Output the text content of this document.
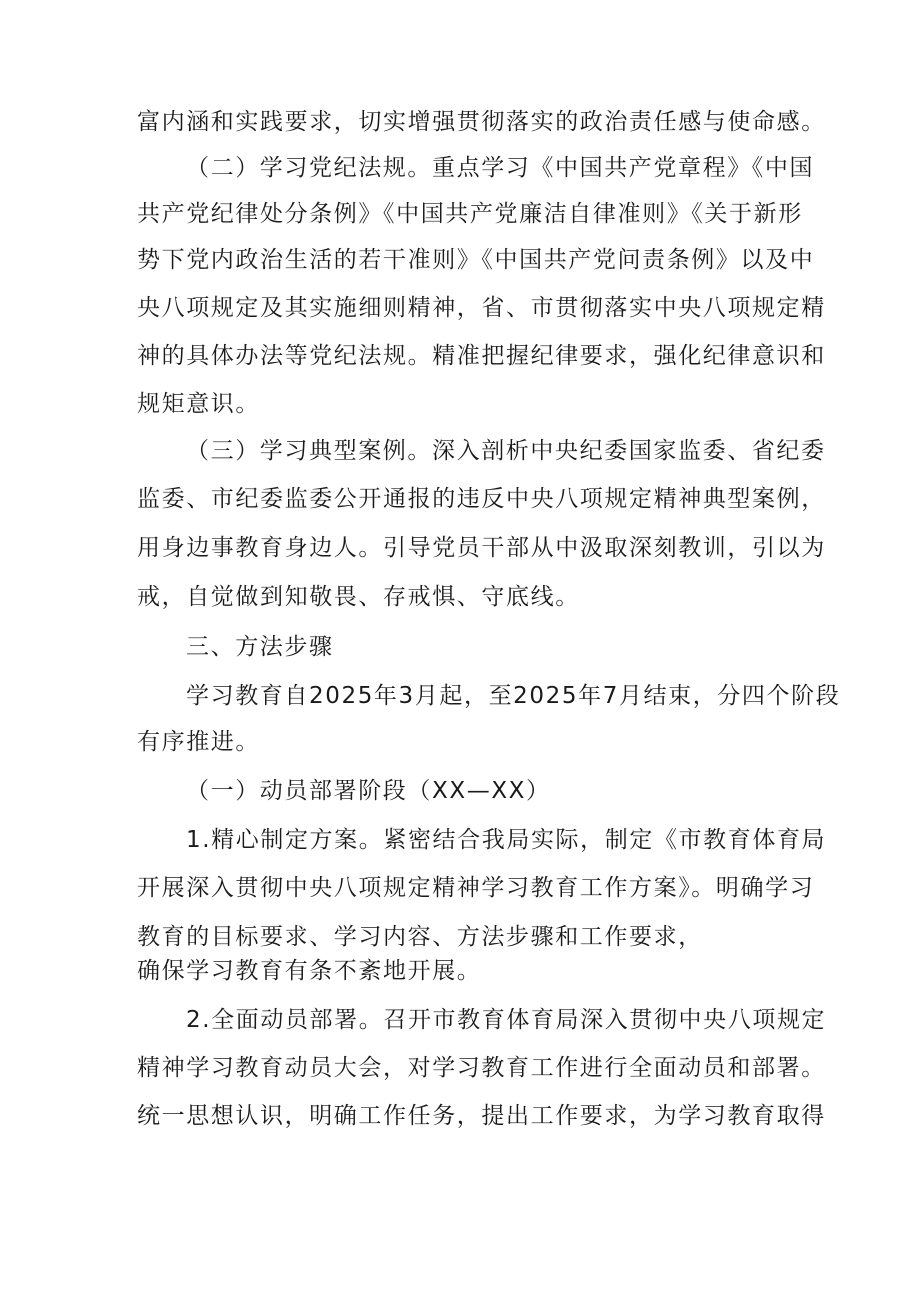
富内涵和实践要求，切实增强贯彻落实的政治责任感与使命感。

（二）学习党纪法规。重点学习《中国共产党章程》《中国

共产党纪律处分条例》《中国共产党廉洁自律准则》《关于新形

势下党内政治生活的若干准则》《中国共产党问责条例》以及中

央八项规定及其实施细则精神，省、市贯彻落实中央八项规定精

神的具体办法等党纪法规。精准把握纪律要求，强化纪律意识和

规矩意识。

（三）学习典型案例。深入剖析中央纪委国家监委、省纪委

监委、市纪委监委公开通报的违反中央八项规定精神典型案例，

用身边事教育身边人。引导党员干部从中汲取深刻教训，引以为

戒，自觉做到知敬畏、存戒惧、守底线。

三、方法步骤

学习教育自2025年3月起，至2025年7月结束，分四个阶段

有序推进。

（一）动员部署阶段（XX—XX）

1.精心制定方案。紧密结合我局实际，制定《市教育体育局

开展深入贯彻中央八项规定精神学习教育工作方案》。明确学习

教育的目标要求、学习内容、方法步骤和工作要求，

确保学习教育有条不紊地开展。

2.全面动员部署。召开市教育体育局深入贯彻中央八项规定

精神学习教育动员大会，对学习教育工作进行全面动员和部署。

统一思想认识，明确工作任务，提出工作要求，为学习教育取得
